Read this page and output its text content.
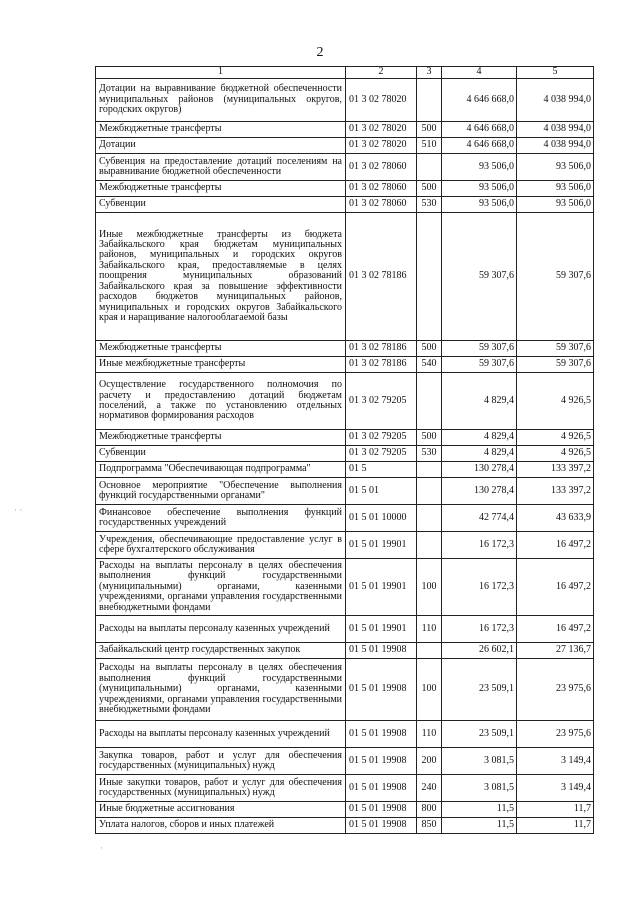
2
1	2	3	4	5
Дотации на выравнивание бюджетной обеспеченности муниципальных районов (муниципальных округов, городских округов)	01 3 02 78020		4 646 668,0	4 038 994,0
Межбюджетные трансферты	01 3 02 78020	500	4 646 668,0	4 038 994,0
Дотации	01 3 02 78020	510	4 646 668,0	4 038 994,0
Субвенция на предоставление дотаций поселениям на выравнивание бюджетной обеспеченности	01 3 02 78060		93 506,0	93 506,0
Межбюджетные трансферты	01 3 02 78060	500	93 506,0	93 506,0
Субвенции	01 3 02 78060	530	93 506,0	93 506,0
Иные межбюджетные трансферты из бюджета Забайкальского края бюджетам муниципальных районов, муниципальных и городских округов Забайкальского края, предоставляемые в целях поощрения муниципальных образований Забайкальского края за повышение эффективности расходов бюджетов муниципальных районов, муниципальных и городских округов Забайкальского края и наращивание налогооблагаемой базы	01 3 02 78186		59 307,6	59 307,6
Межбюджетные трансферты	01 3 02 78186	500	59 307,6	59 307,6
Иные межбюджетные трансферты	01 3 02 78186	540	59 307,6	59 307,6
Осуществление государственного полномочия по расчету и предоставлению дотаций бюджетам поселений, а также по установлению отдельных нормативов формирования расходов	01 3 02 79205		4 829,4	4 926,5
Межбюджетные трансферты	01 3 02 79205	500	4 829,4	4 926,5
Субвенции	01 3 02 79205	530	4 829,4	4 926,5
Подпрограмма "Обеспечивающая подпрограмма"	01 5		130 278,4	133 397,2
Основное мероприятие "Обеспечение выполнения функций государственными органами"	01 5 01		130 278,4	133 397,2
Финансовое обеспечение выполнения функций государственных учреждений	01 5 01 10000		42 774,4	43 633,9
Учреждения, обеспечивающие предоставление услуг в сфере бухгалтерского обслуживания	01 5 01 19901		16 172,3	16 497,2
Расходы на выплаты персоналу в целях обеспечения выполнения функций государственными (муниципальными) органами, казенными учреждениями, органами управления государственными внебюджетными фондами	01 5 01 19901	100	16 172,3	16 497,2
Расходы на выплаты персоналу казенных учреждений	01 5 01 19901	110	16 172,3	16 497,2
Забайкальский центр государственных закупок	01 5 01 19908		26 602,1	27 136,7
Расходы на выплаты персоналу в целях обеспечения выполнения функций государственными (муниципальными) органами, казенными учреждениями, органами управления государственными внебюджетными фондами	01 5 01 19908	100	23 509,1	23 975,6
Расходы на выплаты персоналу казенных учреждений	01 5 01 19908	110	23 509,1	23 975,6
Закупка товаров, работ и услуг для обеспечения государственных (муниципальных) нужд	01 5 01 19908	200	3 081,5	3 149,4
Иные закупки товаров, работ и услуг для обеспечения государственных (муниципальных) нужд	01 5 01 19908	240	3 081,5	3 149,4
Иные бюджетные ассигнования	01 5 01 19908	800	11,5	11,7
Уплата налогов, сборов и иных платежей	01 5 01 19908	850	11,5	11,7
· ·
·
